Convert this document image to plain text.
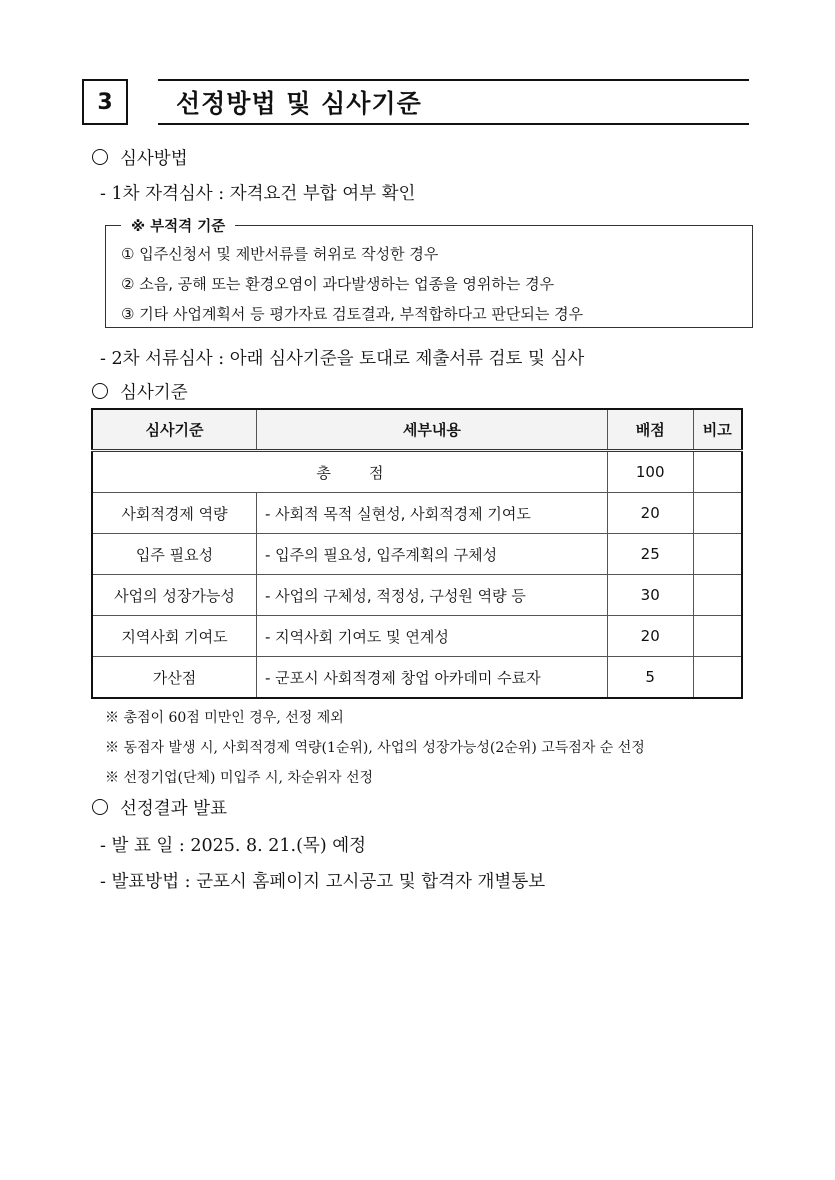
3	선정방법 및 심사기준
심사방법
- 1차 자격심사 : 자격요건 부합 여부 확인
※ 부적격 기준
① 입주신청서 및 제반서류를 허위로 작성한 경우
② 소음, 공해 또는 환경오염이 과다발생하는 업종을 영위하는 경우
③ 기타 사업계획서 등 평가자료 검토결과, 부적합하다고 판단되는 경우
- 2차 서류심사 : 아래 심사기준을 토대로 제출서류 검토 및 심사
심사기준
심사기준	세부내용	배점	비고
총        점		100	
사회적경제 역량	- 사회적 목적 실현성, 사회적경제 기여도	20	
입주 필요성	- 입주의 필요성, 입주계획의 구체성	25	
사업의 성장가능성	- 사업의 구체성, 적정성, 구성원 역량 등	30	
지역사회 기여도	- 지역사회 기여도 및 연계성	20	
가산점	- 군포시 사회적경제 창업 아카데미 수료자	5	
※ 총점이 60점 미만인 경우, 선정 제외
※ 동점자 발생 시, 사회적경제 역량(1순위), 사업의 성장가능성(2순위) 고득점자 순 선정
※ 선정기업(단체) 미입주 시, 차순위자 선정
선정결과 발표
- 발 표 일 : 2025. 8. 21.(목) 예정
- 발표방법 : 군포시 홈페이지 고시공고 및 합격자 개별통보
